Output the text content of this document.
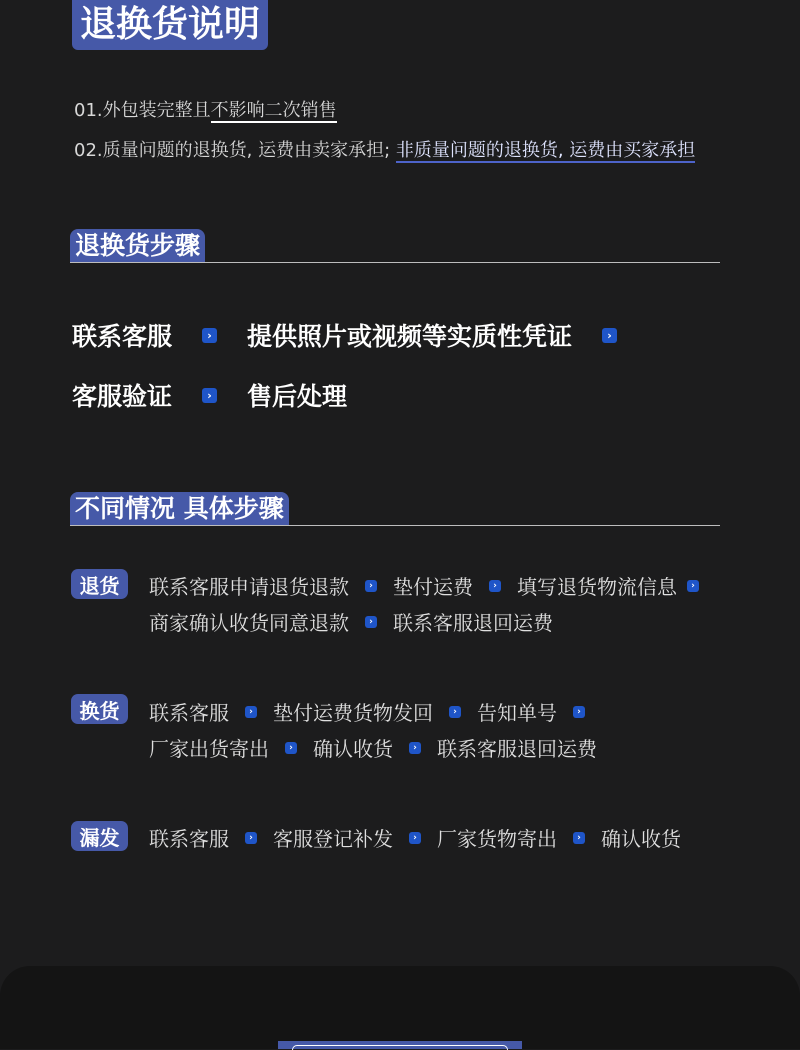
退换货说明
01.外包装完整且不影响二次销售
02.质量问题的退换货, 运费由卖家承担; 非质量问题的退换货, 运费由买家承担
退换货步骤
联系客服	› 提供照片或视频等实质性凭证	›
客服验证	› 售后处理
不同情况 具体步骤
退货	联系客服申请退货退款	› 垫付运费	› 填写退货物流信息	›
商家确认收货同意退款	› 联系客服退回运费
换货	联系客服	› 垫付运费货物发回	› 告知单号	›
厂家出货寄出	› 确认收货	› 联系客服退回运费
漏发	联系客服	› 客服登记补发	› 厂家货物寄出	› 确认收货
